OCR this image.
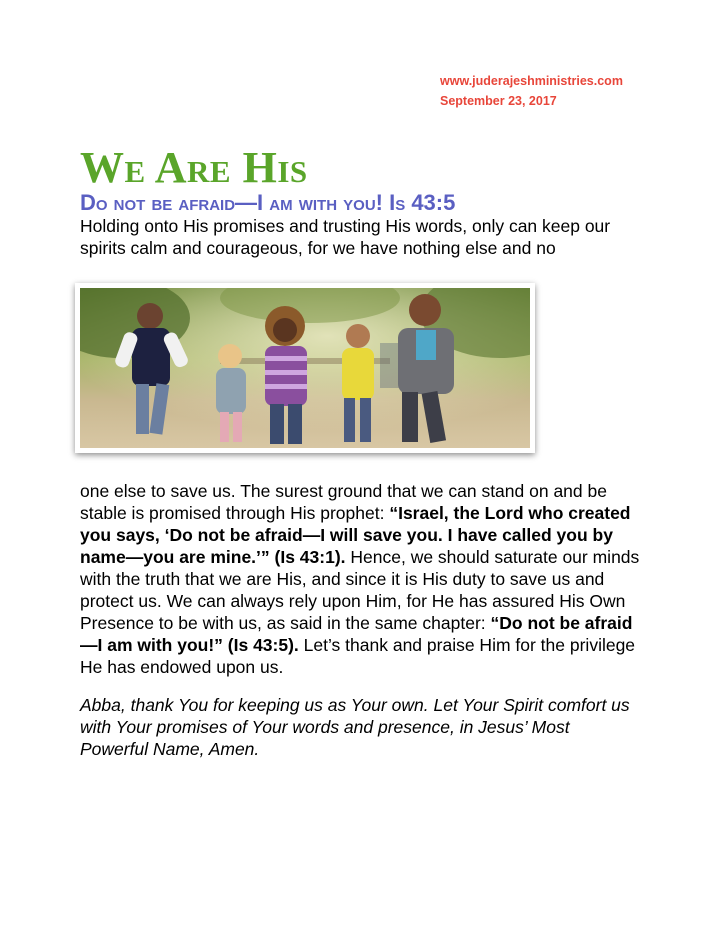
www.juderajeshministries.com
September 23, 2017
We Are His
Do not be afraid—I am with you! Is 43:5

Holding onto His promises and trusting His words, only can keep our spirits calm and courageous, for we have nothing else and no

one else to save us. The surest ground that we can stand on and be stable is promised through His prophet: “Israel, the Lord who created you says, ‘Do not be afraid—I will save you. I have called you by name—you are mine.’” (Is 43:1). Hence, we should saturate our minds with the truth that we are His, and since it is His duty to save us and protect us. We can always rely upon Him, for He has assured His Own Presence to be with us, as said in the same chapter: “Do not be afraid—I am with you!” (Is 43:5). Let’s thank and praise Him for the privilege He has endowed upon us.

Abba, thank You for keeping us as Your own. Let Your Spirit comfort us with Your promises of Your words and presence, in Jesus’ Most Powerful Name, Amen.
